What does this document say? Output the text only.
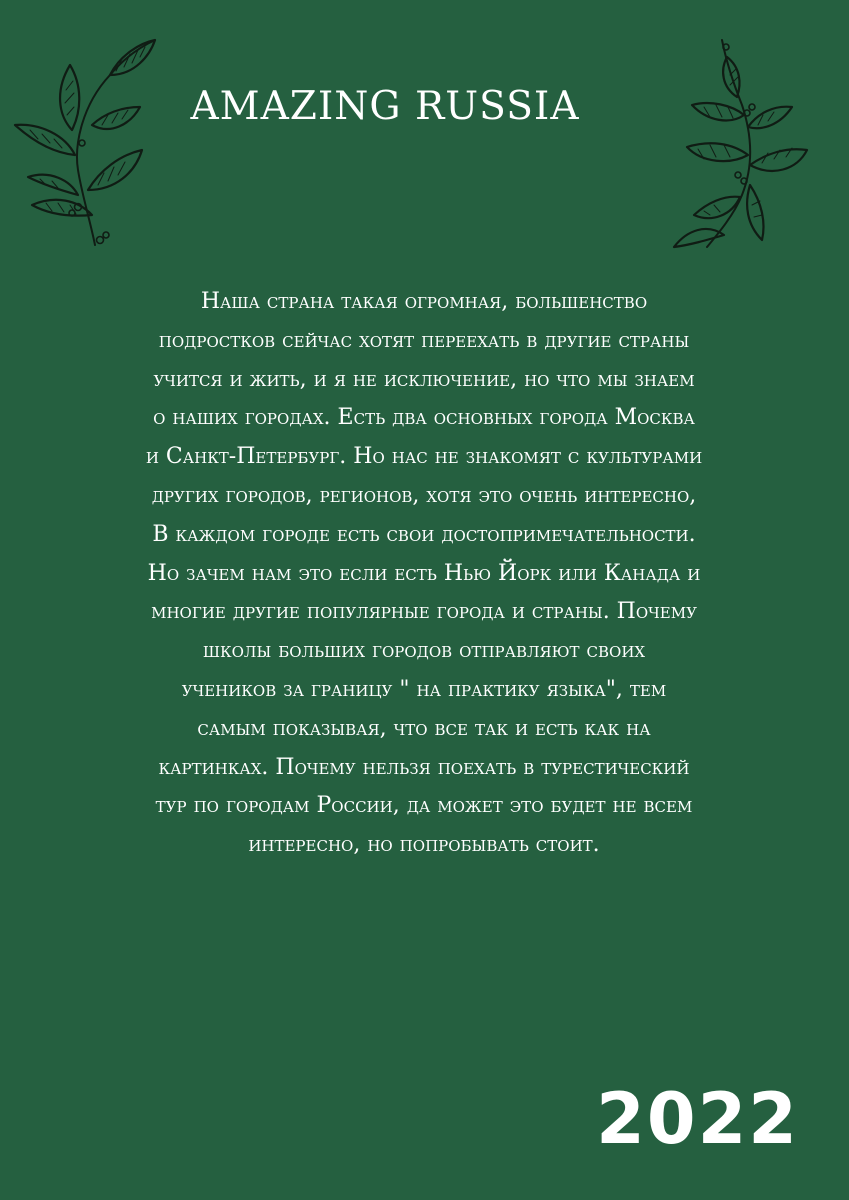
AMAZING RUSSIA
Наша страна такая огромная, большенство
подростков сейчас хотят переехать в другие страны
учится и жить, и я не исключение, но что мы знаем
о наших городах. Есть два основных города Москва
и Санкт-Петербург. Но нас не знакомят с культурами
других городов, регионов, хотя это очень интересно,
В каждом городе есть свои достопримечательности.
Но зачем нам это если есть Нью Йорк или Канада и
многие другие популярные города и страны. Почему
школы больших городов отправляют своих
учеников за границу " на практику языка", тем
самым показывая, что все так и есть как на
картинках. Почему нельзя поехать в турестический
тур по городам России, да может это будет не всем
интересно, но попробывать стоит.
2022
